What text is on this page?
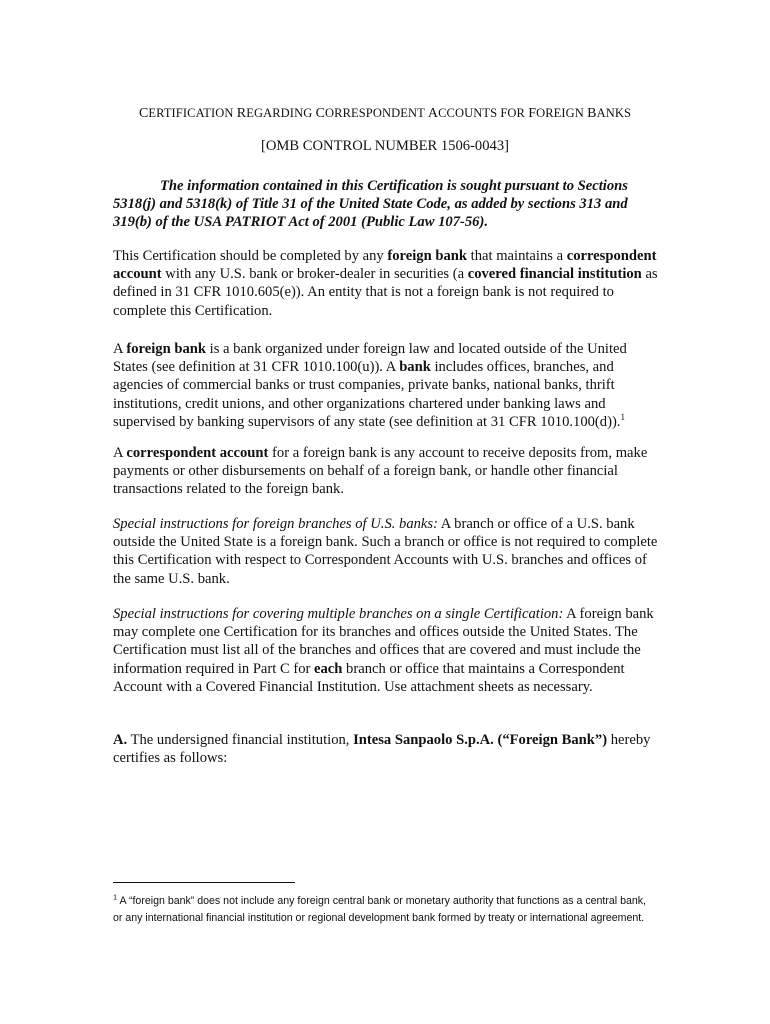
CERTIFICATION REGARDING CORRESPONDENT ACCOUNTS FOR FOREIGN BANKS
[OMB CONTROL NUMBER 1506-0043]
The information contained in this Certification is sought pursuant to Sections 5318(j) and 5318(k) of Title 31 of the United State Code, as added by sections 313 and 319(b) of the USA PATRIOT Act of 2001 (Public Law 107-56).
This Certification should be completed by any foreign bank that maintains a correspondent account with any U.S. bank or broker-dealer in securities (a covered financial institution as defined in 31 CFR 1010.605(e)). An entity that is not a foreign bank is not required to complete this Certification.
A foreign bank is a bank organized under foreign law and located outside of the United States (see definition at 31 CFR 1010.100(u)). A bank includes offices, branches, and agencies of commercial banks or trust companies, private banks, national banks, thrift institutions, credit unions, and other organizations chartered under banking laws and supervised by banking supervisors of any state (see definition at 31 CFR 1010.100(d)).$^1$
A correspondent account for a foreign bank is any account to receive deposits from, make payments or other disbursements on behalf of a foreign bank, or handle other financial transactions related to the foreign bank.
Special instructions for foreign branches of U.S. banks: A branch or office of a U.S. bank outside the United State is a foreign bank. Such a branch or office is not required to complete this Certification with respect to Correspondent Accounts with U.S. branches and offices of the same U.S. bank.
Special instructions for covering multiple branches on a single Certification: A foreign bank may complete one Certification for its branches and offices outside the United States. The Certification must list all of the branches and offices that are covered and must include the information required in Part C for each branch or office that maintains a Correspondent Account with a Covered Financial Institution. Use attachment sheets as necessary.
A. The undersigned financial institution, Intesa Sanpaolo S.p.A. (“Foreign Bank”) hereby certifies as follows:
$^1$ A “foreign bank” does not include any foreign central bank or monetary authority that functions as a central bank, or any international financial institution or regional development bank formed by treaty or international agreement.
